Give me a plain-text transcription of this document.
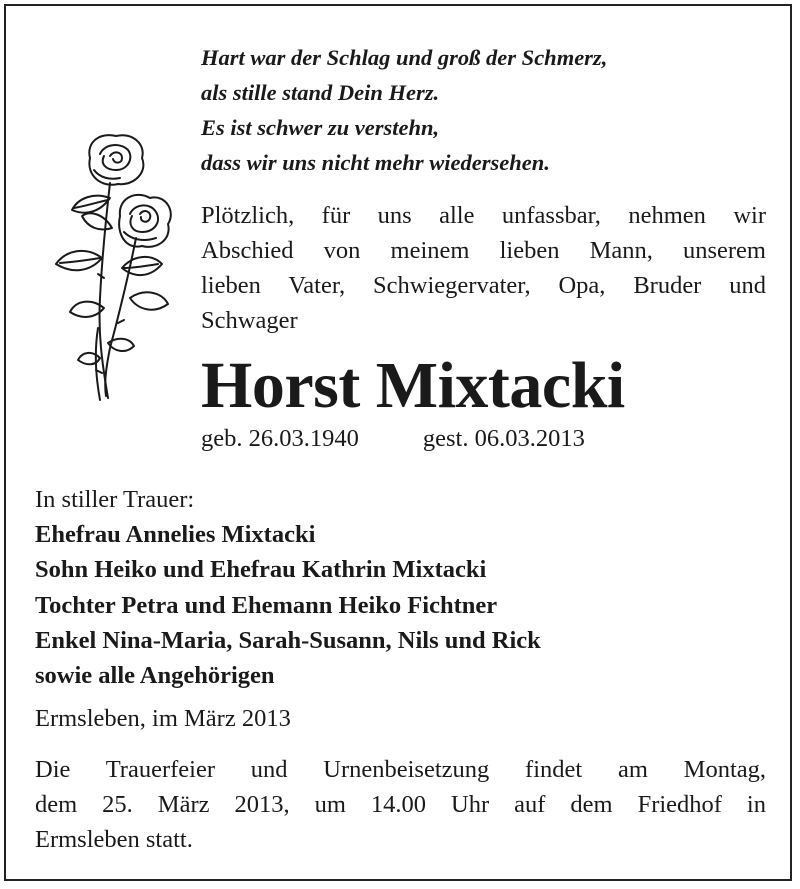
Hart war der Schlag und groß der Schmerz,
als stille stand Dein Herz.
Es ist schwer zu verstehn,
dass wir uns nicht mehr wiedersehen.
Plötzlich, für uns alle unfassbar, nehmen wir
Abschied von meinem lieben Mann, unserem
lieben Vater, Schwiegervater, Opa, Bruder und
Schwager
Horst Mixtacki
geb. 26.03.1940	gest. 06.03.2013
In stiller Trauer:
Ehefrau Annelies Mixtacki
Sohn Heiko und Ehefrau Kathrin Mixtacki
Tochter Petra und Ehemann Heiko Fichtner
Enkel Nina-Maria, Sarah-Susann, Nils und Rick
sowie alle Angehörigen
Ermsleben, im März 2013
Die Trauerfeier und Urnenbeisetzung findet am Montag,
dem 25. März 2013, um 14.00 Uhr auf dem Friedhof in
Ermsleben statt.
